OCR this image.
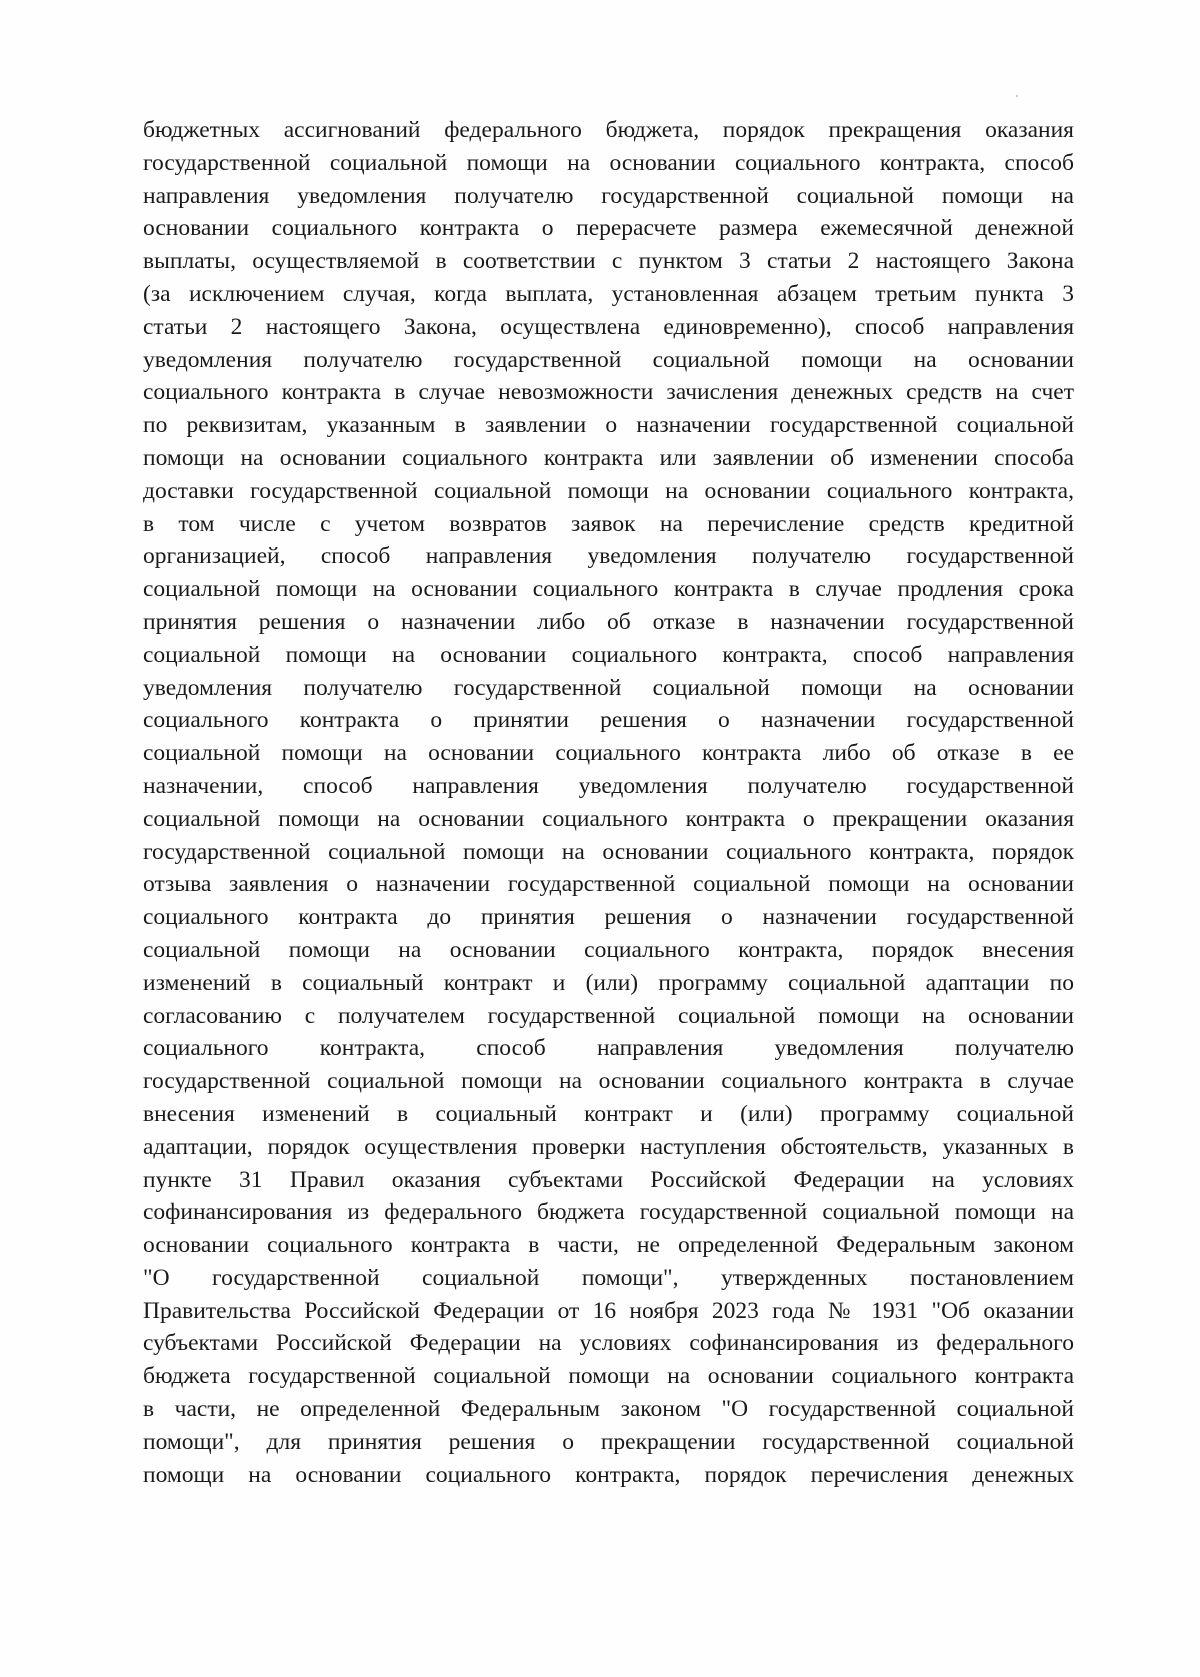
бюджетных ассигнований федерального бюджета, порядок прекращения оказания
государственной социальной помощи на основании социального контракта, способ
направления уведомления получателю государственной социальной помощи на
основании социального контракта о перерасчете размера ежемесячной денежной
выплаты, осуществляемой в соответствии с пунктом 3 статьи 2 настоящего Закона
(за исключением случая, когда выплата, установленная абзацем третьим пункта 3
статьи 2 настоящего Закона, осуществлена единовременно), способ направления
уведомления получателю государственной социальной помощи на основании
социального контракта в случае невозможности зачисления денежных средств на счет
по реквизитам, указанным в заявлении о назначении государственной социальной
помощи на основании социального контракта или заявлении об изменении способа
доставки государственной социальной помощи на основании социального контракта,
в том числе с учетом возвратов заявок на перечисление средств кредитной
организацией, способ направления уведомления получателю государственной
социальной помощи на основании социального контракта в случае продления срока
принятия решения о назначении либо об отказе в назначении государственной
социальной помощи на основании социального контракта, способ направления
уведомления получателю государственной социальной помощи на основании
социального контракта о принятии решения о назначении государственной
социальной помощи на основании социального контракта либо об отказе в ее
назначении, способ направления уведомления получателю государственной
социальной помощи на основании социального контракта о прекращении оказания
государственной социальной помощи на основании социального контракта, порядок
отзыва заявления о назначении государственной социальной помощи на основании
социального контракта до принятия решения о назначении государственной
социальной помощи на основании социального контракта, порядок внесения
изменений в социальный контракт и (или) программу социальной адаптации по
согласованию с получателем государственной социальной помощи на основании
социального контракта, способ направления уведомления получателю
государственной социальной помощи на основании социального контракта в случае
внесения изменений в социальный контракт и (или) программу социальной
адаптации, порядок осуществления проверки наступления обстоятельств, указанных в
пункте 31 Правил оказания субъектами Российской Федерации на условиях
софинансирования из федерального бюджета государственной социальной помощи на
основании социального контракта в части, не определенной Федеральным законом
"О государственной социальной помощи", утвержденных постановлением
Правительства Российской Федерации от 16 ноября 2023 года № 1931 "Об оказании
субъектами Российской Федерации на условиях софинансирования из федерального
бюджета государственной социальной помощи на основании социального контракта
в части, не определенной Федеральным законом "О государственной социальной
помощи", для принятия решения о прекращении государственной социальной
помощи на основании социального контракта, порядок перечисления денежных
